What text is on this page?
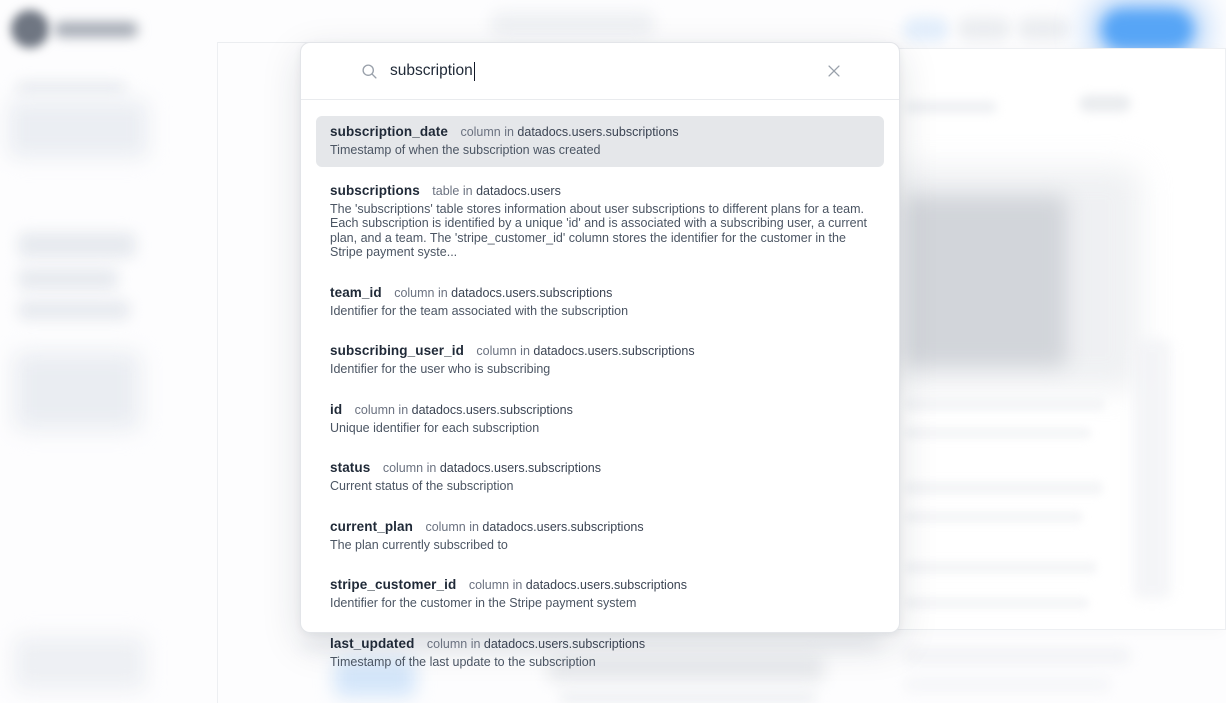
subscription
subscription_date column in datadocs.users.subscriptions
Timestamp of when the subscription was created
subscriptions table in datadocs.users
The 'subscriptions' table stores information about user subscriptions to different plans for a team. Each subscription is identified by a unique 'id' and is associated with a subscribing user, a current plan, and a team. The 'stripe_customer_id' column stores the identifier for the customer in the Stripe payment syste...
team_id column in datadocs.users.subscriptions
Identifier for the team associated with the subscription
subscribing_user_id column in datadocs.users.subscriptions
Identifier for the user who is subscribing
id column in datadocs.users.subscriptions
Unique identifier for each subscription
status column in datadocs.users.subscriptions
Current status of the subscription
current_plan column in datadocs.users.subscriptions
The plan currently subscribed to
stripe_customer_id column in datadocs.users.subscriptions
Identifier for the customer in the Stripe payment system
last_updated column in datadocs.users.subscriptions
Timestamp of the last update to the subscription
